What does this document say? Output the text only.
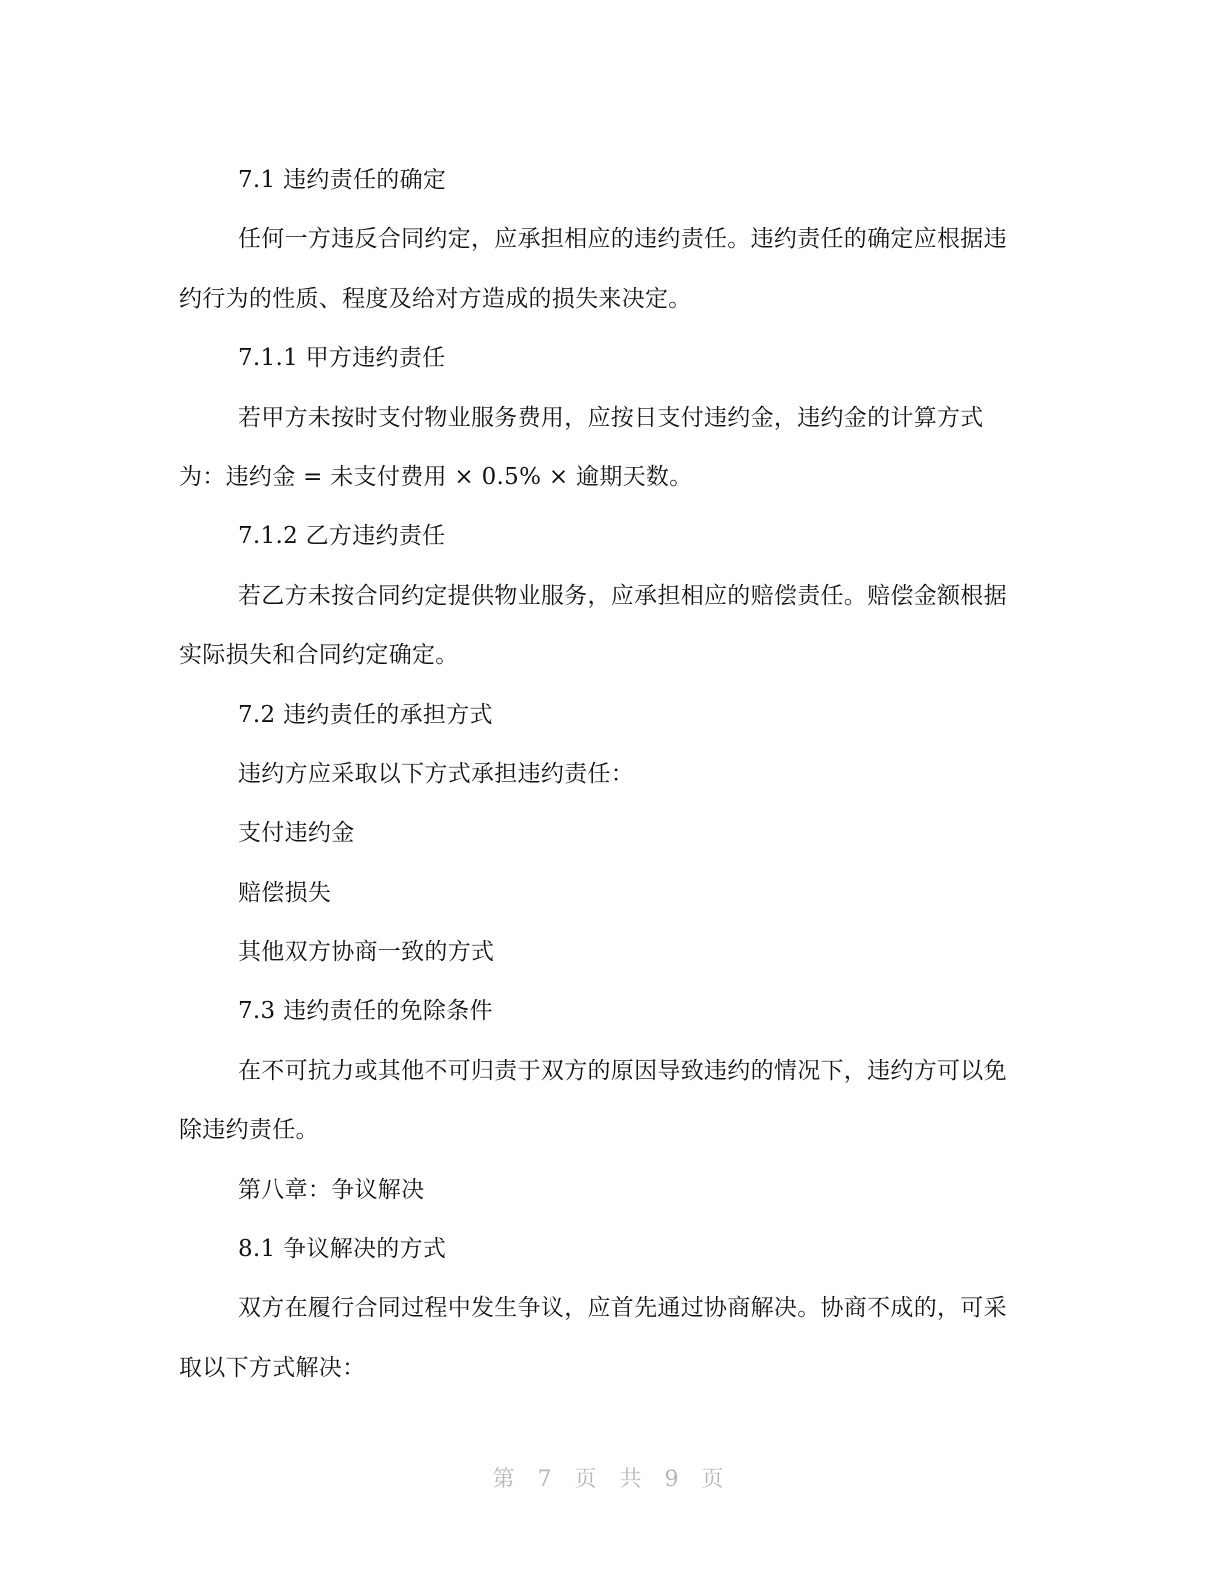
7.1 违约责任的确定

任何一方违反合同约定，应承担相应的违约责任。违约责任的确定应根据违

约行为的性质、程度及给对方造成的损失来决定。

7.1.1 甲方违约责任

若甲方未按时支付物业服务费用，应按日支付违约金，违约金的计算方式

为：违约金 = 未支付费用 × 0.5% × 逾期天数。

7.1.2 乙方违约责任

若乙方未按合同约定提供物业服务，应承担相应的赔偿责任。赔偿金额根据

实际损失和合同约定确定。

7.2 违约责任的承担方式

违约方应采取以下方式承担违约责任：

支付违约金

赔偿损失

其他双方协商一致的方式

7.3 违约责任的免除条件

在不可抗力或其他不可归责于双方的原因导致违约的情况下，违约方可以免

除违约责任。

第八章：争议解决

8.1 争议解决的方式

双方在履行合同过程中发生争议，应首先通过协商解决。协商不成的，可采

取以下方式解决：

第 7 页 共 9 页
